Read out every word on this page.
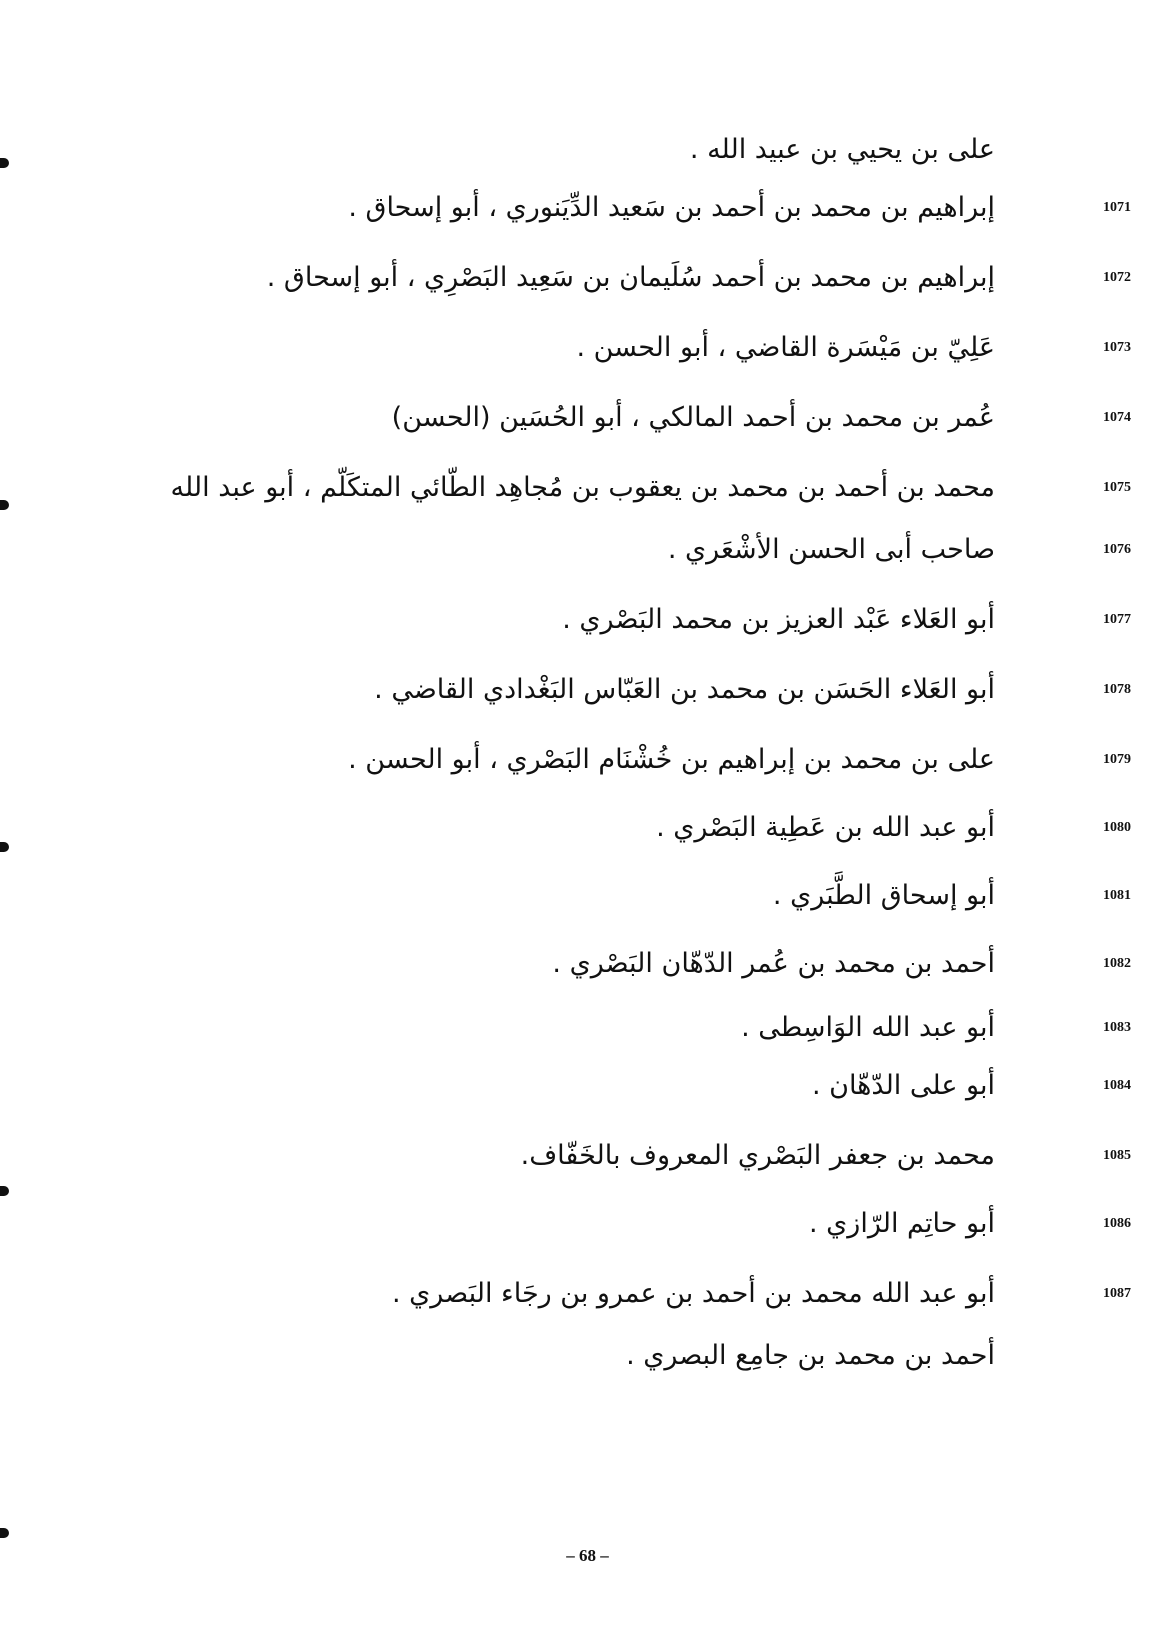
على بن يحيي بن عبيد الله .
إبراهيم بن محمد بن أحمد بن سَعيد الدِّيَنوري ، أبو إسحاق .	1071
إبراهيم بن محمد بن أحمد سُلَيمان بن سَعِيد البَصْرِي ، أبو إسحاق .	1072
عَلِيّ بن مَيْسَرة القاضي ، أبو الحسن .	1073
عُمر بن محمد بن أحمد المالكي ، أبو الحُسَين (الحسن)	1074
محمد بن أحمد بن محمد بن يعقوب بن مُجاهِد الطّائي المتكَلّم ، أبو عبد الله	1075
صاحب أبى الحسن الأشْعَري .	1076
أبو العَلاء عَبْد العزيز بن محمد البَصْري .	1077
أبو العَلاء الحَسَن بن محمد بن العَبّاس البَغْدادي القاضي .	1078
على بن محمد بن إبراهيم بن خُشْنَام البَصْري ، أبو الحسن .	1079
أبو عبد الله بن عَطِية البَصْري .	1080
أبو إسحاق الطَّبَري .	1081
أحمد بن محمد بن عُمر الدّهّان البَصْري .	1082
أبو عبد الله الوَاسِطى .	1083
أبو على الدّهّان .	1084
محمد بن جعفر البَصْري المعروف بالخَفّاف.	1085
أبو حاتِم الرّازي .	1086
أبو عبد الله محمد بن أحمد بن عمرو بن رجَاء البَصري .	1087
أحمد بن محمد بن جامِع البصري .
– 68 –
